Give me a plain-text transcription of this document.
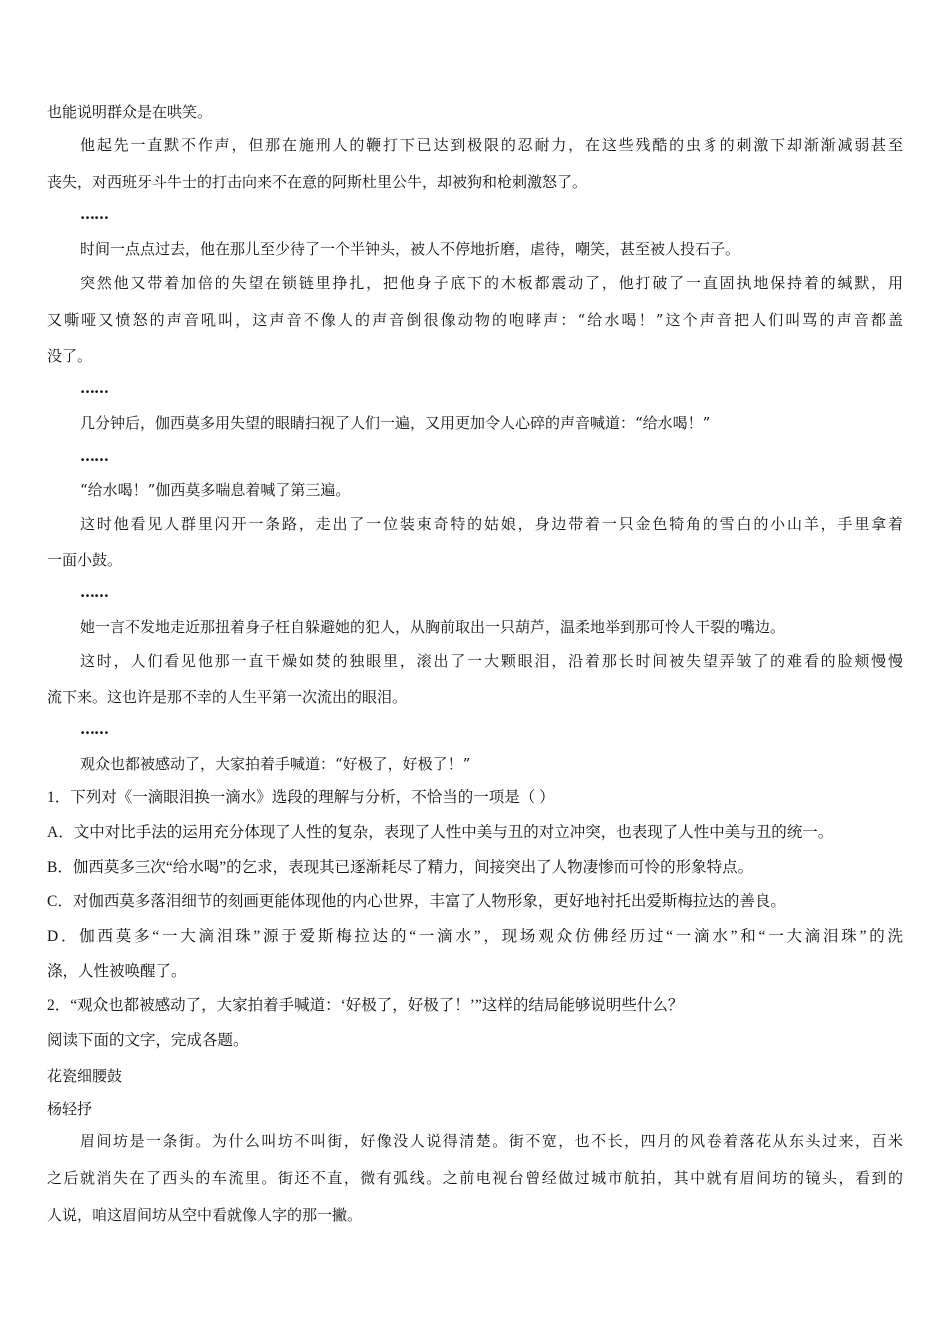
也能说明群众是在哄笑。
他起先一直默不作声，但那在施刑人的鞭打下已达到极限的忍耐力，在这些残酷的虫豸的刺激下却渐渐减弱甚至
丧失，对西班牙斗牛士的打击向来不在意的阿斯杜里公牛，却被狗和枪刺激怒了。
……
时间一点点过去，他在那儿至少待了一个半钟头，被人不停地折磨，虐待，嘲笑，甚至被人投石子。
突然他又带着加倍的失望在锁链里挣扎，把他身子底下的木板都震动了，他打破了一直固执地保持着的缄默，用
又嘶哑又愤怒的声音吼叫，这声音不像人的声音倒很像动物的咆哮声：“给水喝！”这个声音把人们叫骂的声音都盖
没了。
……
几分钟后，伽西莫多用失望的眼睛扫视了人们一遍，又用更加令人心碎的声音喊道：“给水喝！”
……
“给水喝！”伽西莫多喘息着喊了第三遍。
这时他看见人群里闪开一条路，走出了一位装束奇特的姑娘，身边带着一只金色犄角的雪白的小山羊，手里拿着
一面小鼓。
……
她一言不发地走近那扭着身子枉自躲避她的犯人，从胸前取出一只葫芦，温柔地举到那可怜人干裂的嘴边。
这时，人们看见他那一直干燥如焚的独眼里，滚出了一大颗眼泪，沿着那长时间被失望弄皱了的难看的脸颊慢慢
流下来。这也许是那不幸的人生平第一次流出的眼泪。
……
观众也都被感动了，大家拍着手喊道：“好极了，好极了！”
1．下列对《一滴眼泪换一滴水》选段的理解与分析，不恰当的一项是（ ）
A．文中对比手法的运用充分体现了人性的复杂，表现了人性中美与丑的对立冲突，也表现了人性中美与丑的统一。
B．伽西莫多三次“给水喝”的乞求，表现其已逐渐耗尽了精力，间接突出了人物凄惨而可怜的形象特点。
C．对伽西莫多落泪细节的刻画更能体现他的内心世界，丰富了人物形象，更好地衬托出爱斯梅拉达的善良。
D．伽西莫多“一大滴泪珠”源于爱斯梅拉达的“一滴水”，现场观众仿佛经历过“一滴水”和“一大滴泪珠”的洗
涤，人性被唤醒了。
2．“观众也都被感动了，大家拍着手喊道：‘好极了，好极了！’”这样的结局能够说明些什么？
阅读下面的文字，完成各题。
花瓷细腰鼓
杨轻抒
眉间坊是一条街。为什么叫坊不叫街，好像没人说得清楚。街不宽，也不长，四月的风卷着落花从东头过来，百米
之后就消失在了西头的车流里。街还不直，微有弧线。之前电视台曾经做过城市航拍，其中就有眉间坊的镜头，看到的
人说，咱这眉间坊从空中看就像人字的那一撇。
